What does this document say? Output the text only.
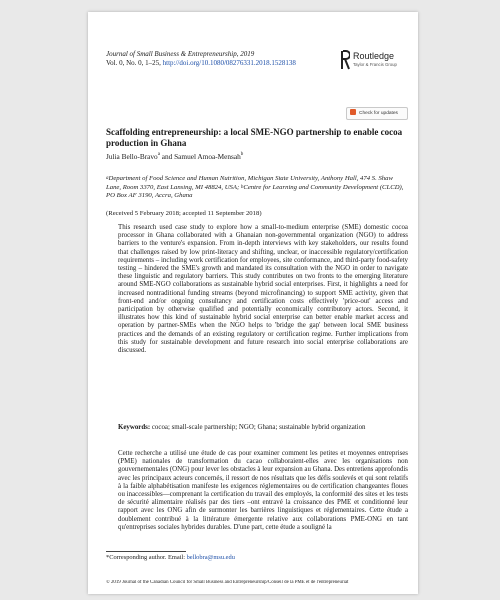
Journal of Small Business & Entrepreneurship, 2019
Vol. 0, No. 0, 1–25, http://doi.org/10.1080/08276331.2018.1528138
Routledge
Taylor & Francis Group
Check for updates
Scaffolding entrepreneurship: a local SME-NGO partnership to enable cocoa production in Ghana
Julia Bello-Bravo$^a$ and Samuel Amoa-Mensah$^b$
$^a$Department of Food Science and Human Nutrition, Michigan State University, Anthony Hall, 474 S. Shaw Lane, Room 3370, East Lansing, MI 48824, USA; $^b$Centre for Learning and Community Development (CLCD), PO Box AF 3190, Accra, Ghana
(Received 5 February 2018; accepted 11 September 2018)
This research used case study to explore how a small-to-medium enterprise (SME) domestic cocoa processor in Ghana collaborated with a Ghanaian non-governmental organization (NGO) to address barriers to the venture's expansion. From in-depth interviews with key stakeholders, our results found that challenges raised by low print-literacy and shifting, unclear, or inaccessible regulatory/certification requirements – including work certification for employees, site conformance, and third-party food-safety testing – hindered the SME's growth and mandated its consultation with the NGO in order to navigate these linguistic and regulatory barriers. This study contributes on two fronts to the emerging literature around SME-NGO collaborations as sustainable hybrid social enterprises. First, it highlights a need for increased nontraditional funding streams (beyond microfinancing) to support SME activity, given that front-end and/or ongoing consultancy and certification costs effectively 'price-out' access and participation by otherwise qualified and potentially economically contributory actors. Second, it illustrates how this kind of sustainable hybrid social enterprise can better enable market access and operation by partner-SMEs when the NGO helps to 'bridge the gap' between local SME business practices and the demands of an existing regulatory or certification regime. Further implications from this study for sustainable development and future research into social enterprise collaborations are discussed.
Keywords: cocoa; small-scale partnership; NGO; Ghana; sustainable hybrid organization
Cette recherche a utilisé une étude de cas pour examiner comment les petites et moyennes entreprises (PME) nationales de transformation du cacao collaboraient-elles avec les organisations non gouvernementales (ONG) pour lever les obstacles à leur expansion au Ghana. Des entretiens approfondis avec les principaux acteurs concernés, il ressort de nos résultats que les défis soulevés et qui sont relatifs à la faible alphabétisation manifeste les exigences réglementaires ou de certification changeantes floues ou inaccessibles—comprenant la certification du travail des employés, la conformité des sites et les tests de sécurité alimentaire réalisés par des tiers –ont entravé la croissance des PME et conditionné leur rapport avec les ONG afin de surmonter les barrières linguistiques et réglementaires. Cette étude a doublement contribué à la littérature émergente relative aux collaborations PME-ONG en tant qu'entreprises sociales hybrides durables. D'une part, cette étude a souligné la
*Corresponding author. Email: bellobra@msu.edu
© 2019 Journal of the Canadian Council for Small Business and Entrepreneurship/Conseil de la PME et de l'entrepreneuriat
